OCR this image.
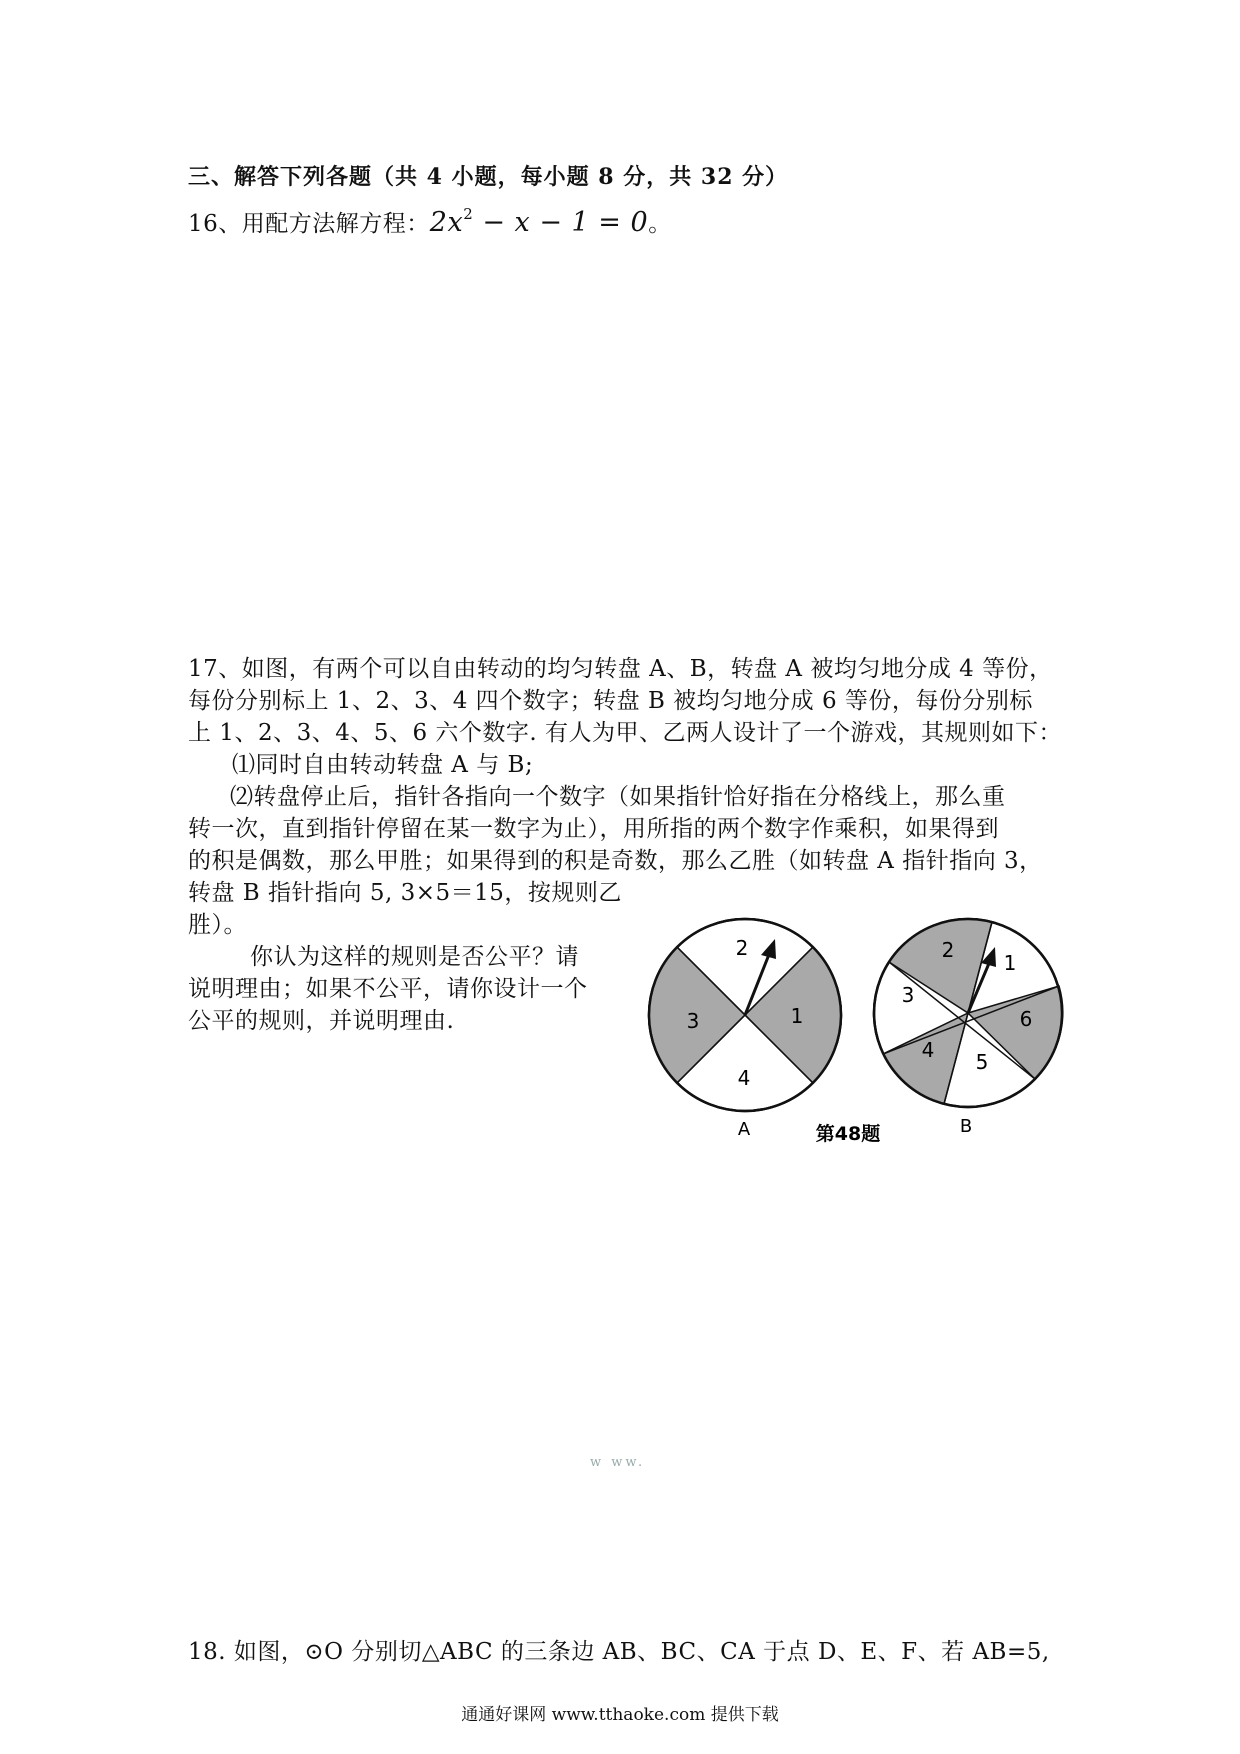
三、解答下列各题（共 4 小题，每小题 8 分，共 32 分）
16、用配方法解方程：$2x^2 - x - 1 = 0$。
17、如图，有两个可以自由转动的均匀转盘 A、B，转盘 A 被均匀地分成 4 等份，
每份分别标上 1、2、3、4 四个数字；转盘 B 被均匀地分成 6 等份，每份分别标
上 1、2、3、4、5、6 六个数字. 有人为甲、乙两人设计了一个游戏，其规则如下：
⑴同时自由转动转盘 A 与 B;
⑵转盘停止后，指针各指向一个数字（如果指针恰好指在分格线上，那么重
转一次，直到指针停留在某一数字为止），用所指的两个数字作乘积，如果得到
的积是偶数，那么甲胜；如果得到的积是奇数，那么乙胜（如转盘 A 指针指向 3，
转盘 B 指针指向 5, 3×5＝15，按规则乙
胜）。
你认为这样的规则是否公平？请
说明理由；如果不公平，请你设计一个
公平的规则，并说明理由.
2
1
3
4
2
1
3
6
4 5
A	第48题	B
w ww.
18. 如图，⊙O 分别切△ABC 的三条边 AB、BC、CA 于点 D、E、F、若 AB=5,
通通好课网 www.tthaoke.com 提供下载
